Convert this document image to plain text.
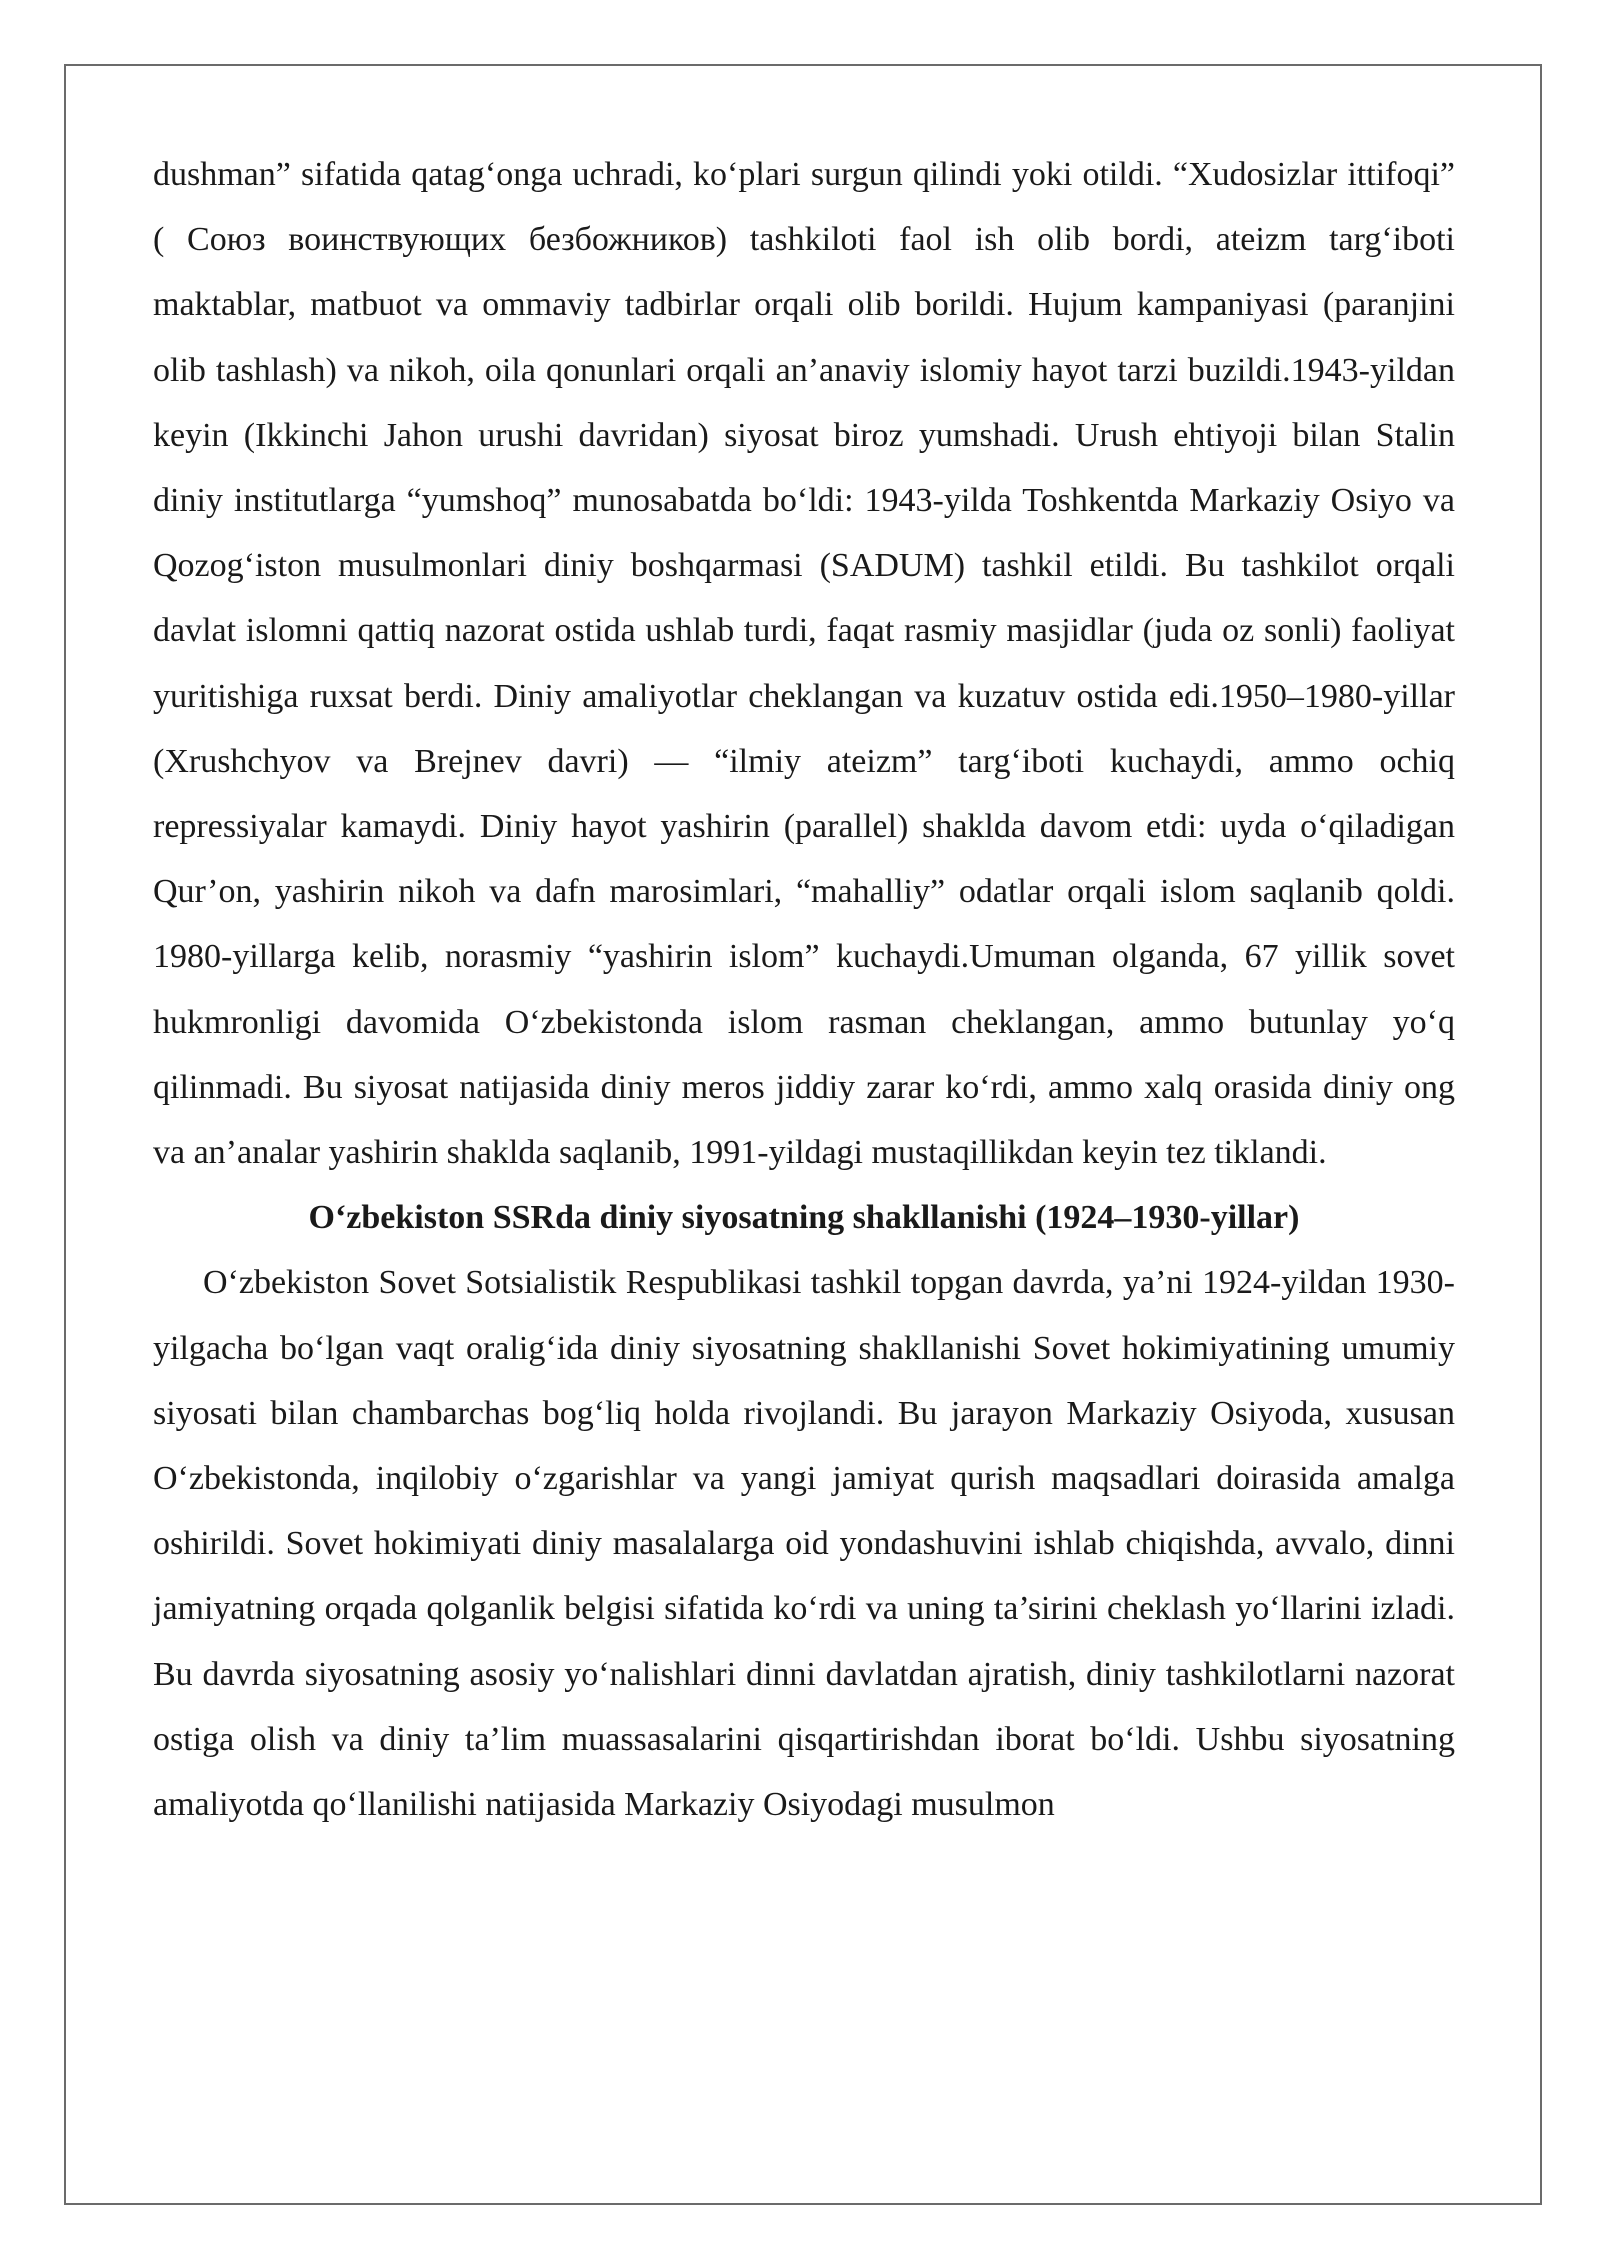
dushman” sifatida qatag‘onga uchradi, ko‘plari surgun qilindi yoki otildi. “Xudosizlar ittifoqi” ( Союз воинствующих безбожников) tashkiloti faol ish olib bordi, ateizm targ‘iboti maktablar, matbuot va ommaviy tadbirlar orqali olib borildi. Hujum kampaniyasi (paranjini olib tashlash) va nikoh, oila qonunlari orqali an’anaviy islomiy hayot tarzi buzildi.1943-yildan keyin (Ikkinchi Jahon urushi davridan) siyosat biroz yumshadi. Urush ehtiyoji bilan Stalin diniy institutlarga “yumshoq” munosabatda bo‘ldi: 1943-yilda Toshkentda Markaziy Osiyo va Qozog‘iston musulmonlari diniy boshqarmasi (SADUM) tashkil etildi. Bu tashkilot orqali davlat islomni qattiq nazorat ostida ushlab turdi, faqat rasmiy masjidlar (juda oz sonli) faoliyat yuritishiga ruxsat berdi. Diniy amaliyotlar cheklangan va kuzatuv ostida edi.1950–1980-yillar (Xrushchyov va Brejnev davri) — “ilmiy ateizm” targ‘iboti kuchaydi, ammo ochiq repressiyalar kamaydi. Diniy hayot yashirin (parallel) shaklda davom etdi: uyda o‘qiladigan Qur’on, yashirin nikoh va dafn marosimlari, “mahalliy” odatlar orqali islom saqlanib qoldi. 1980-yillarga kelib, norasmiy “yashirin islom” kuchaydi.Umuman olganda, 67 yillik sovet hukmronligi davomida O‘zbekistonda islom rasman cheklangan, ammo butunlay yo‘q qilinmadi. Bu siyosat natijasida diniy meros jiddiy zarar ko‘rdi, ammo xalq orasida diniy ong va an’analar yashirin shaklda saqlanib, 1991-yildagi mustaqillikdan keyin tez tiklandi.

O‘zbekiston SSRda diniy siyosatning shakllanishi (1924–1930-yillar)

O‘zbekiston Sovet Sotsialistik Respublikasi tashkil topgan davrda, ya’ni 1924-yildan 1930-yilgacha bo‘lgan vaqt oralig‘ida diniy siyosatning shakllanishi Sovet hokimiyatining umumiy siyosati bilan chambarchas bog‘liq holda rivojlandi. Bu jarayon Markaziy Osiyoda, xususan O‘zbekistonda, inqilobiy o‘zgarishlar va yangi jamiyat qurish maqsadlari doirasida amalga oshirildi. Sovet hokimiyati diniy masalalarga oid yondashuvini ishlab chiqishda, avvalo, dinni jamiyatning orqada qolganlik belgisi sifatida ko‘rdi va uning ta’sirini cheklash yo‘llarini izladi. Bu davrda siyosatning asosiy yo‘nalishlari dinni davlatdan ajratish, diniy tashkilotlarni nazorat ostiga olish va diniy ta’lim muassasalarini qisqartirishdan iborat bo‘ldi. Ushbu siyosatning amaliyotda qo‘llanilishi natijasida Markaziy Osiyodagi musulmon
